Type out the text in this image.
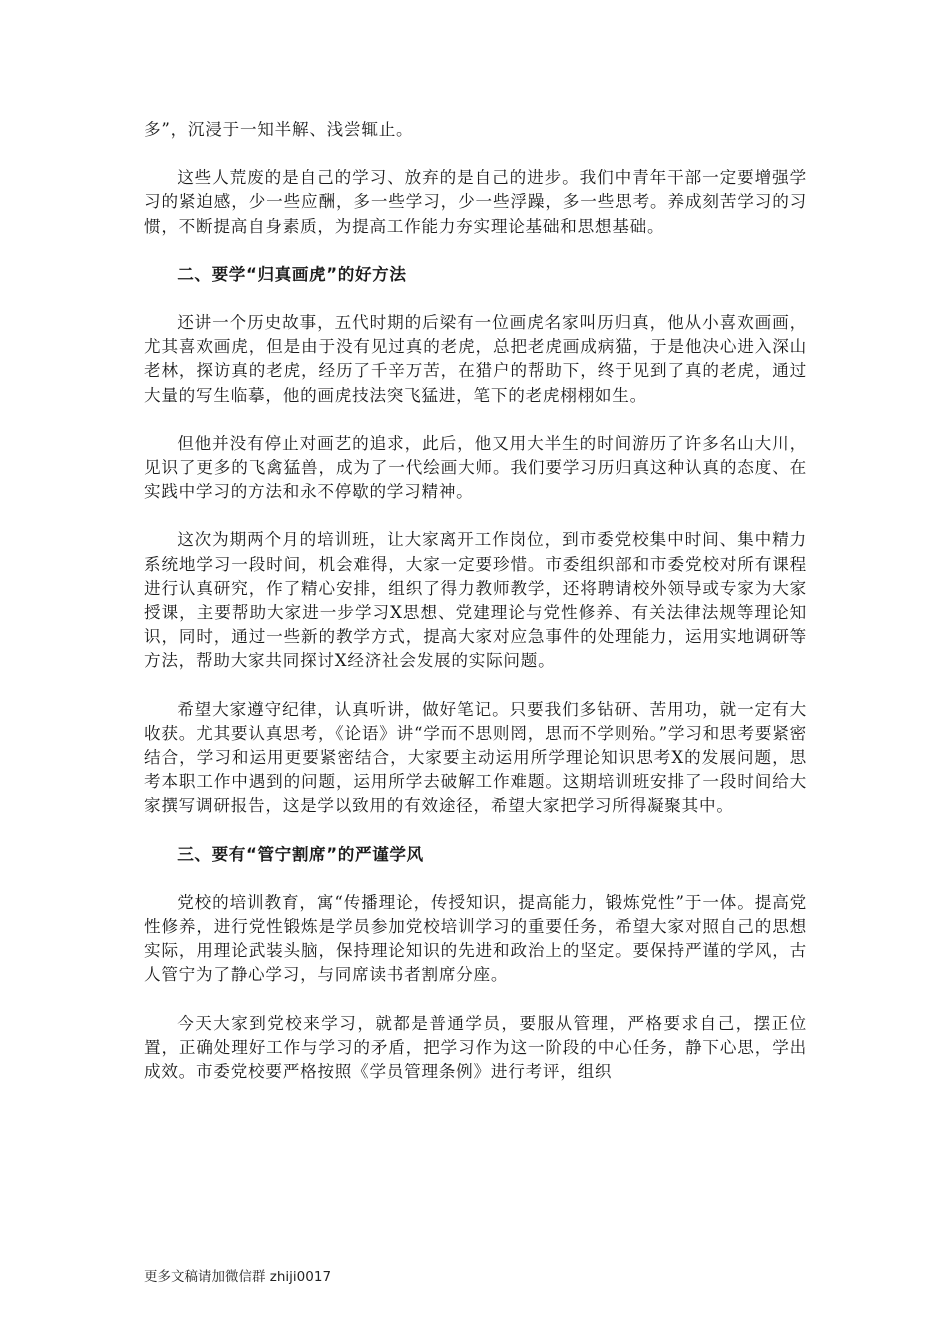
多”，沉浸于一知半解、浅尝辄止。

这些人荒废的是自己的学习、放弃的是自己的进步。我们中青年干部一定要增强学习的紧迫感，少一些应酬，多一些学习，少一些浮躁，多一些思考。养成刻苦学习的习惯，不断提高自身素质，为提高工作能力夯实理论基础和思想基础。

二、要学“归真画虎”的好方法

还讲一个历史故事，五代时期的后梁有一位画虎名家叫历归真，他从小喜欢画画，尤其喜欢画虎，但是由于没有见过真的老虎，总把老虎画成病猫，于是他决心进入深山老林，探访真的老虎，经历了千辛万苦，在猎户的帮助下，终于见到了真的老虎，通过大量的写生临摹，他的画虎技法突飞猛进，笔下的老虎栩栩如生。

但他并没有停止对画艺的追求，此后，他又用大半生的时间游历了许多名山大川，见识了更多的飞禽猛兽，成为了一代绘画大师。我们要学习历归真这种认真的态度、在实践中学习的方法和永不停歇的学习精神。

这次为期两个月的培训班，让大家离开工作岗位，到市委党校集中时间、集中精力系统地学习一段时间，机会难得，大家一定要珍惜。市委组织部和市委党校对所有课程进行认真研究，作了精心安排，组织了得力教师教学，还将聘请校外领导或专家为大家授课，主要帮助大家进一步学习X思想、党建理论与党性修养、有关法律法规等理论知识，同时，通过一些新的教学方式，提高大家对应急事件的处理能力，运用实地调研等方法，帮助大家共同探讨X经济社会发展的实际问题。

希望大家遵守纪律，认真听讲，做好笔记。只要我们多钻研、苦用功，就一定有大收获。尤其要认真思考，《论语》讲“学而不思则罔，思而不学则殆。”学习和思考要紧密结合，学习和运用更要紧密结合，大家要主动运用所学理论知识思考X的发展问题，思考本职工作中遇到的问题，运用所学去破解工作难题。这期培训班安排了一段时间给大家撰写调研报告，这是学以致用的有效途径，希望大家把学习所得凝聚其中。

三、要有“管宁割席”的严谨学风

党校的培训教育，寓“传播理论，传授知识，提高能力，锻炼党性”于一体。提高党性修养，进行党性锻炼是学员参加党校培训学习的重要任务，希望大家对照自己的思想实际，用理论武装头脑，保持理论知识的先进和政治上的坚定。要保持严谨的学风，古人管宁为了静心学习，与同席读书者割席分座。

今天大家到党校来学习，就都是普通学员，要服从管理，严格要求自己，摆正位置，正确处理好工作与学习的矛盾，把学习作为这一阶段的中心任务，静下心思，学出成效。市委党校要严格按照《学员管理条例》进行考评，组织

更多文稿请加微信群 zhiji0017
